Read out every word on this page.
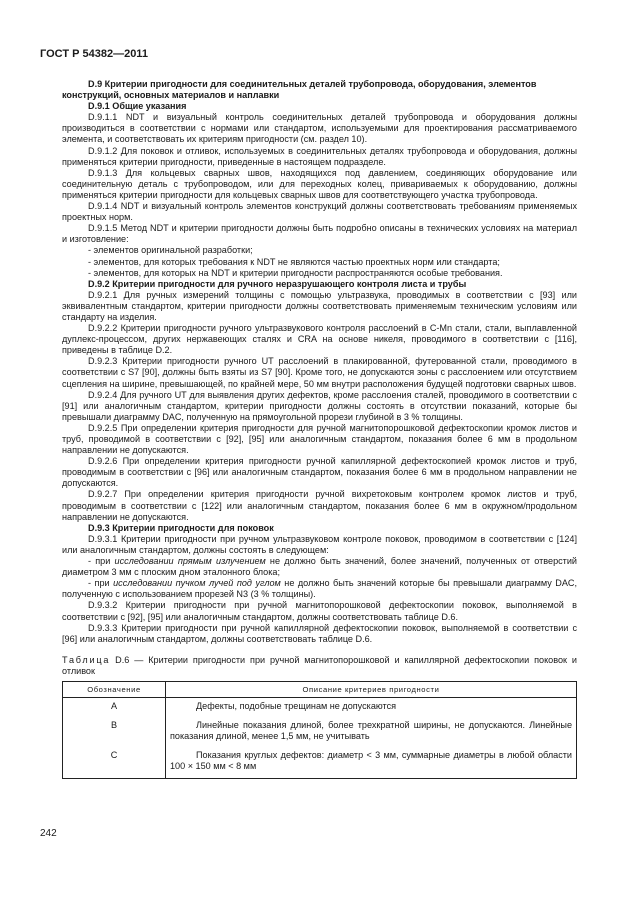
ГОСТ Р 54382—2011

D.9 Критерии пригодности для соединительных деталей трубопровода, оборудования, элементов конструкций, основных материалов и наплавки

D.9.1 Общие указания

D.9.1.1 NDT и визуальный контроль соединительных деталей трубопровода и оборудования должны производиться в соответствии с нормами или стандартом, используемыми для проектирования рассматриваемого элемента, и соответствовать их критериям пригодности (см. раздел 10).

D.9.1.2 Для поковок и отливок, используемых в соединительных деталях трубопровода и оборудования, должны применяться критерии пригодности, приведенные в настоящем подразделе.

D.9.1.3 Для кольцевых сварных швов, находящихся под давлением, соединяющих оборудование или соединительную деталь с трубопроводом, или для переходных колец, привариваемых к оборудованию, должны применяться критерии пригодности для кольцевых сварных швов для соответствующего участка трубопровода.

D.9.1.4 NDT и визуальный контроль элементов конструкций должны соответствовать требованиям применяемых проектных норм.

D.9.1.5 Метод NDT и критерии пригодности должны быть подробно описаны в технических условиях на материал и изготовление:

- элементов оригинальной разработки;

- элементов, для которых требования к NDT не являются частью проектных норм или стандарта;

- элементов, для которых на NDT и критерии пригодности распространяются особые требования.

D.9.2 Критерии пригодности для ручного неразрушающего контроля листа и трубы

D.9.2.1 Для ручных измерений толщины с помощью ультразвука, проводимых в соответствии с [93] или эквивалентным стандартом, критерии пригодности должны соответствовать применяемым техническим условиям или стандарту на изделия.

D.9.2.2 Критерии пригодности ручного ультразвукового контроля расслоений в C-Mn стали, стали, выплавленной дуплекс-процессом, других нержавеющих сталях и CRA на основе никеля, проводимого в соответствии с [116], приведены в таблице D.2.

D.9.2.3 Критерии пригодности ручного UT расслоений в плакированной, футерованной стали, проводимого в соответствии с S7 [90], должны быть взяты из S7 [90]. Кроме того, не допускаются зоны с расслоением или отсутствием сцепления на ширине, превышающей, по крайней мере, 50 мм внутри расположения будущей подготовки сварных швов.

D.9.2.4 Для ручного UT для выявления других дефектов, кроме расслоения сталей, проводимого в соответствии с [91] или аналогичным стандартом, критерии пригодности должны состоять в отсутствии показаний, которые бы превышали диаграмму DAC, полученную на прямоугольной прорези глубиной в 3 % толщины.

D.9.2.5 При определении критерия пригодности для ручной магнитопорошковой дефектоскопии кромок листов и труб, проводимой в соответствии с [92], [95] или аналогичным стандартом, показания более 6 мм в продольном направлении не допускаются.

D.9.2.6 При определении критерия пригодности ручной капиллярной дефектоскопией кромок листов и труб, проводимым в соответствии с [96] или аналогичным стандартом, показания более 6 мм в продольном направлении не допускаются.

D.9.2.7 При определении критерия пригодности ручной вихретоковым контролем кромок листов и труб, проводимым в соответствии с [122] или аналогичным стандартом, показания более 6 мм в окружном/продольном направлении не допускаются.

D.9.3 Критерии пригодности для поковок

D.9.3.1 Критерии пригодности при ручном ультразвуковом контроле поковок, проводимом в соответствии с [124] или аналогичным стандартом, должны состоять в следующем:

- при исследовании прямым излучением не должно быть значений, более значений, полученных от отверстий диаметром 3 мм с плоским дном эталонного блока;

- при исследовании пучком лучей под углом не должно быть значений которые бы превышали диаграмму DAC, полученную с использованием прорезей N3 (3 % толщины).

D.9.3.2 Критерии пригодности при ручной магнитопорошковой дефектоскопии поковок, выполняемой в соответствии с [92], [95] или аналогичным стандартом, должны соответствовать таблице D.6.

D.9.3.3 Критерии пригодности при ручной капиллярной дефектоскопии поковок, выполняемой в соответствии с [96] или аналогичным стандартом, должны соответствовать таблице D.6.

Таблица D.6 — Критерии пригодности при ручной магнитопорошковой и капиллярной дефектоскопии поковок и отливок

Обозначение	Описание критериев пригодности
A	Дефекты, подобные трещинам не допускаются
B	Линейные показания длиной, более трехкратной ширины, не допускаются. Линейные показания длиной, менее 1,5 мм, не учитывать
C	Показания круглых дефектов: диаметр < 3 мм, суммарные диаметры в любой области 100 × 150 мм < 8 мм
242
